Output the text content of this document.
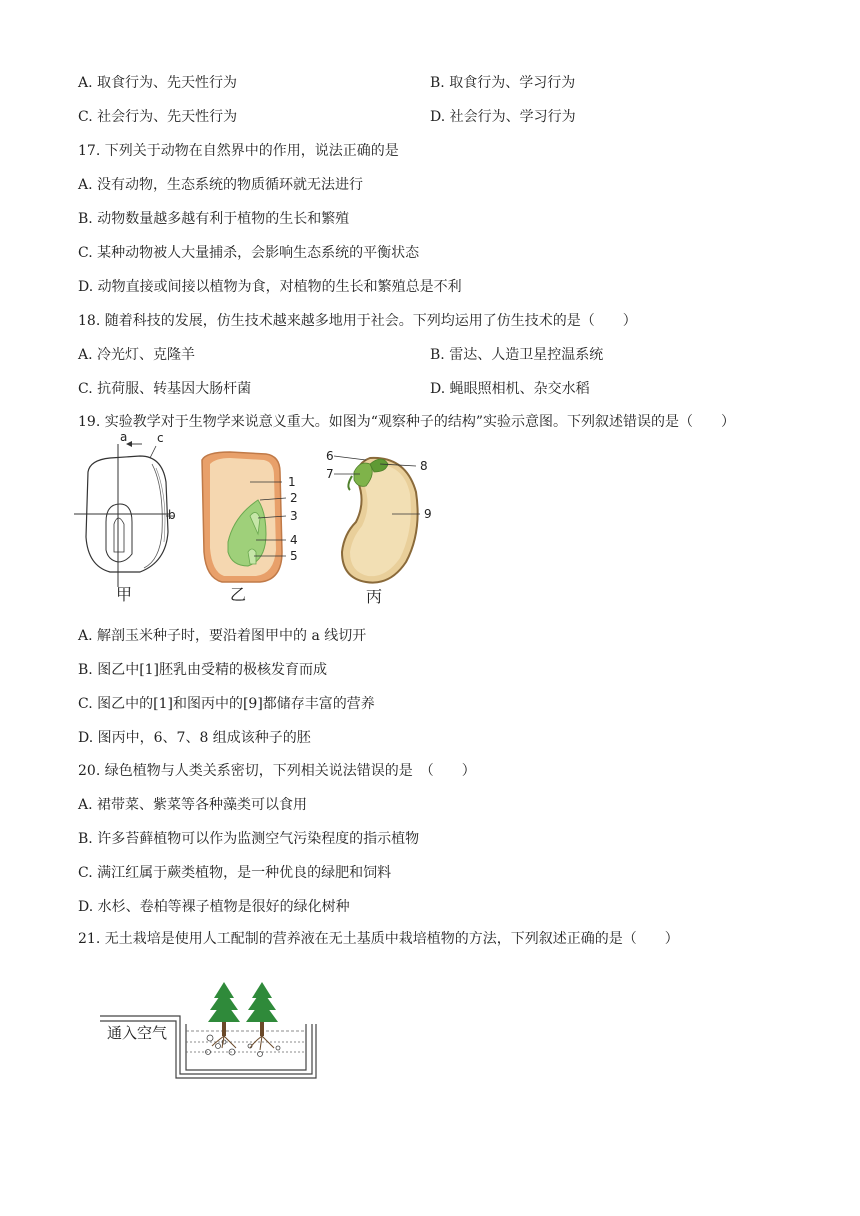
A. 取食行为、先天性行为	B. 取食行为、学习行为
C. 社会行为、先天性行为	D. 社会行为、学习行为
17. 下列关于动物在自然界中的作用，说法正确的是
A. 没有动物，生态系统的物质循环就无法进行
B. 动物数量越多越有利于植物的生长和繁殖
C. 某种动物被人大量捕杀，会影响生态系统的平衡状态
D. 动物直接或间接以植物为食，对植物的生长和繁殖总是不利
18. 随着科技的发展，仿生技术越来越多地用于社会。下列均运用了仿生技术的是（　　）
A. 冷光灯、克隆羊	B. 雷达、人造卫星控温系统
C. 抗荷服、转基因大肠杆菌	D. 蝇眼照相机、杂交水稻
19. 实验教学对于生物学来说意义重大。如图为“观察种子的结构”实验示意图。下列叙述错误的是（　　）
a c
b
甲
1
2
3
4
5
乙
6
7
8
9
丙
A. 解剖玉米种子时，要沿着图甲中的 a 线切开
B. 图乙中[1]胚乳由受精的极核发育而成
C. 图乙中的[1]和图丙中的[9]都储存丰富的营养
D. 图丙中，6、7、8 组成该种子的胚
20. 绿色植物与人类关系密切，下列相关说法错误的是　（　　）
A. 裙带菜、紫菜等各种藻类可以食用
B. 许多苔藓植物可以作为监测空气污染程度的指示植物
C. 满江红属于蕨类植物，是一种优良的绿肥和饲料
D. 水杉、卷柏等裸子植物是很好的绿化树种
21. 无土栽培是使用人工配制的营养液在无土基质中栽培植物的方法，下列叙述正确的是（　　）
通入空气
